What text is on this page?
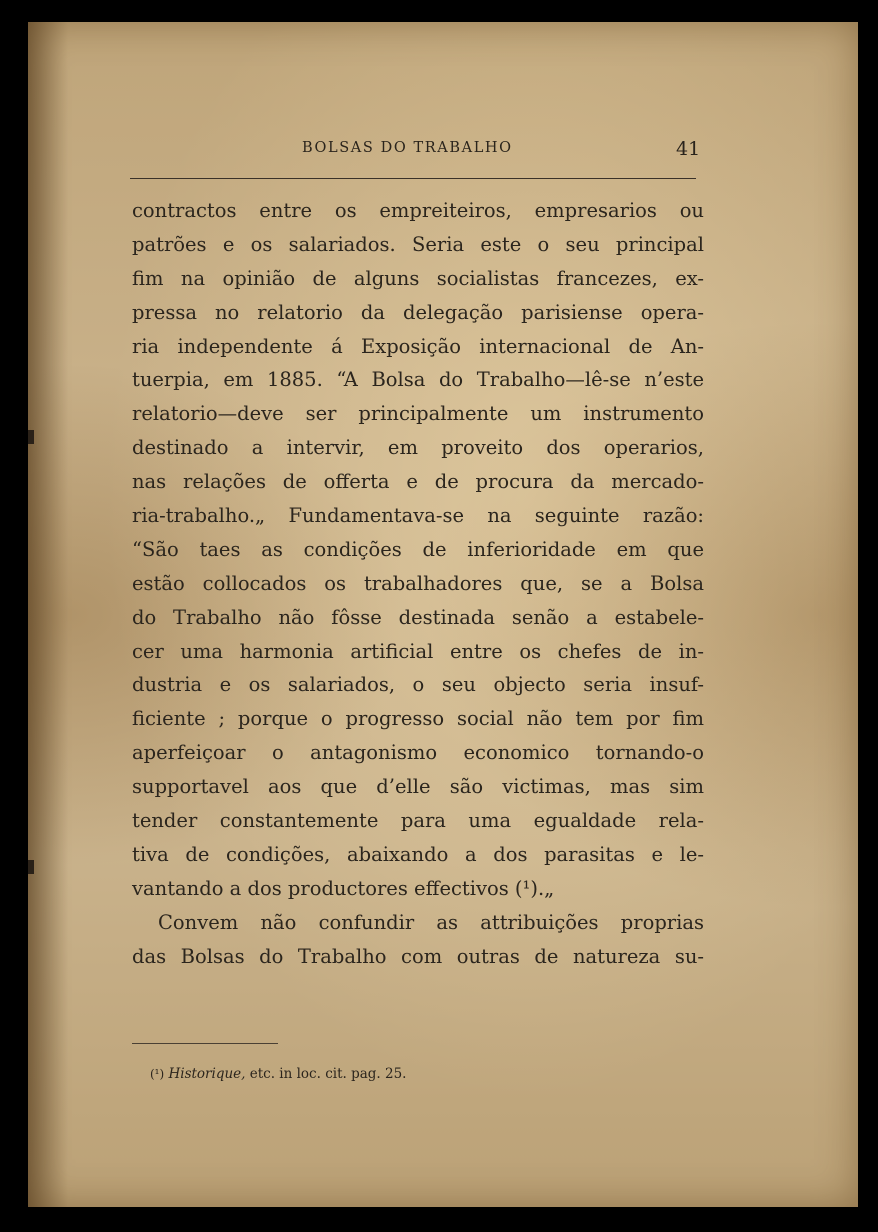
BOLSAS DO TRABALHO	41
contractos entre os empreiteiros, empresarios ou
patrões e os salariados. Seria este o seu principal
fim na opinião de alguns socialistas francezes, ex-
pressa no relatorio da delegação parisiense opera-
ria independente á Exposição internacional de An-
tuerpia, em 1885. “A Bolsa do Trabalho—lê-se n’este
relatorio—deve ser principalmente um instrumento
destinado a intervir, em proveito dos operarios,
nas relações de offerta e de procura da mercado-
ria-trabalho.„ Fundamentava-se na seguinte razão:
“São taes as condições de inferioridade em que
estão collocados os trabalhadores que, se a Bolsa
do Trabalho não fôsse destinada senão a estabele-
cer uma harmonia artificial entre os chefes de in-
dustria e os salariados, o seu objecto seria insuf-
ficiente ; porque o progresso social não tem por fim
aperfeiçoar o antagonismo economico tornando-o
supportavel aos que d’elle são victimas, mas sim
tender constantemente para uma egualdade rela-
tiva de condições, abaixando a dos parasitas e le-
vantando a dos productores effectivos (¹).„
Convem não confundir as attribuições proprias
das Bolsas do Trabalho com outras de natureza su-
(¹) Historique, etc. in loc. cit. pag. 25.
